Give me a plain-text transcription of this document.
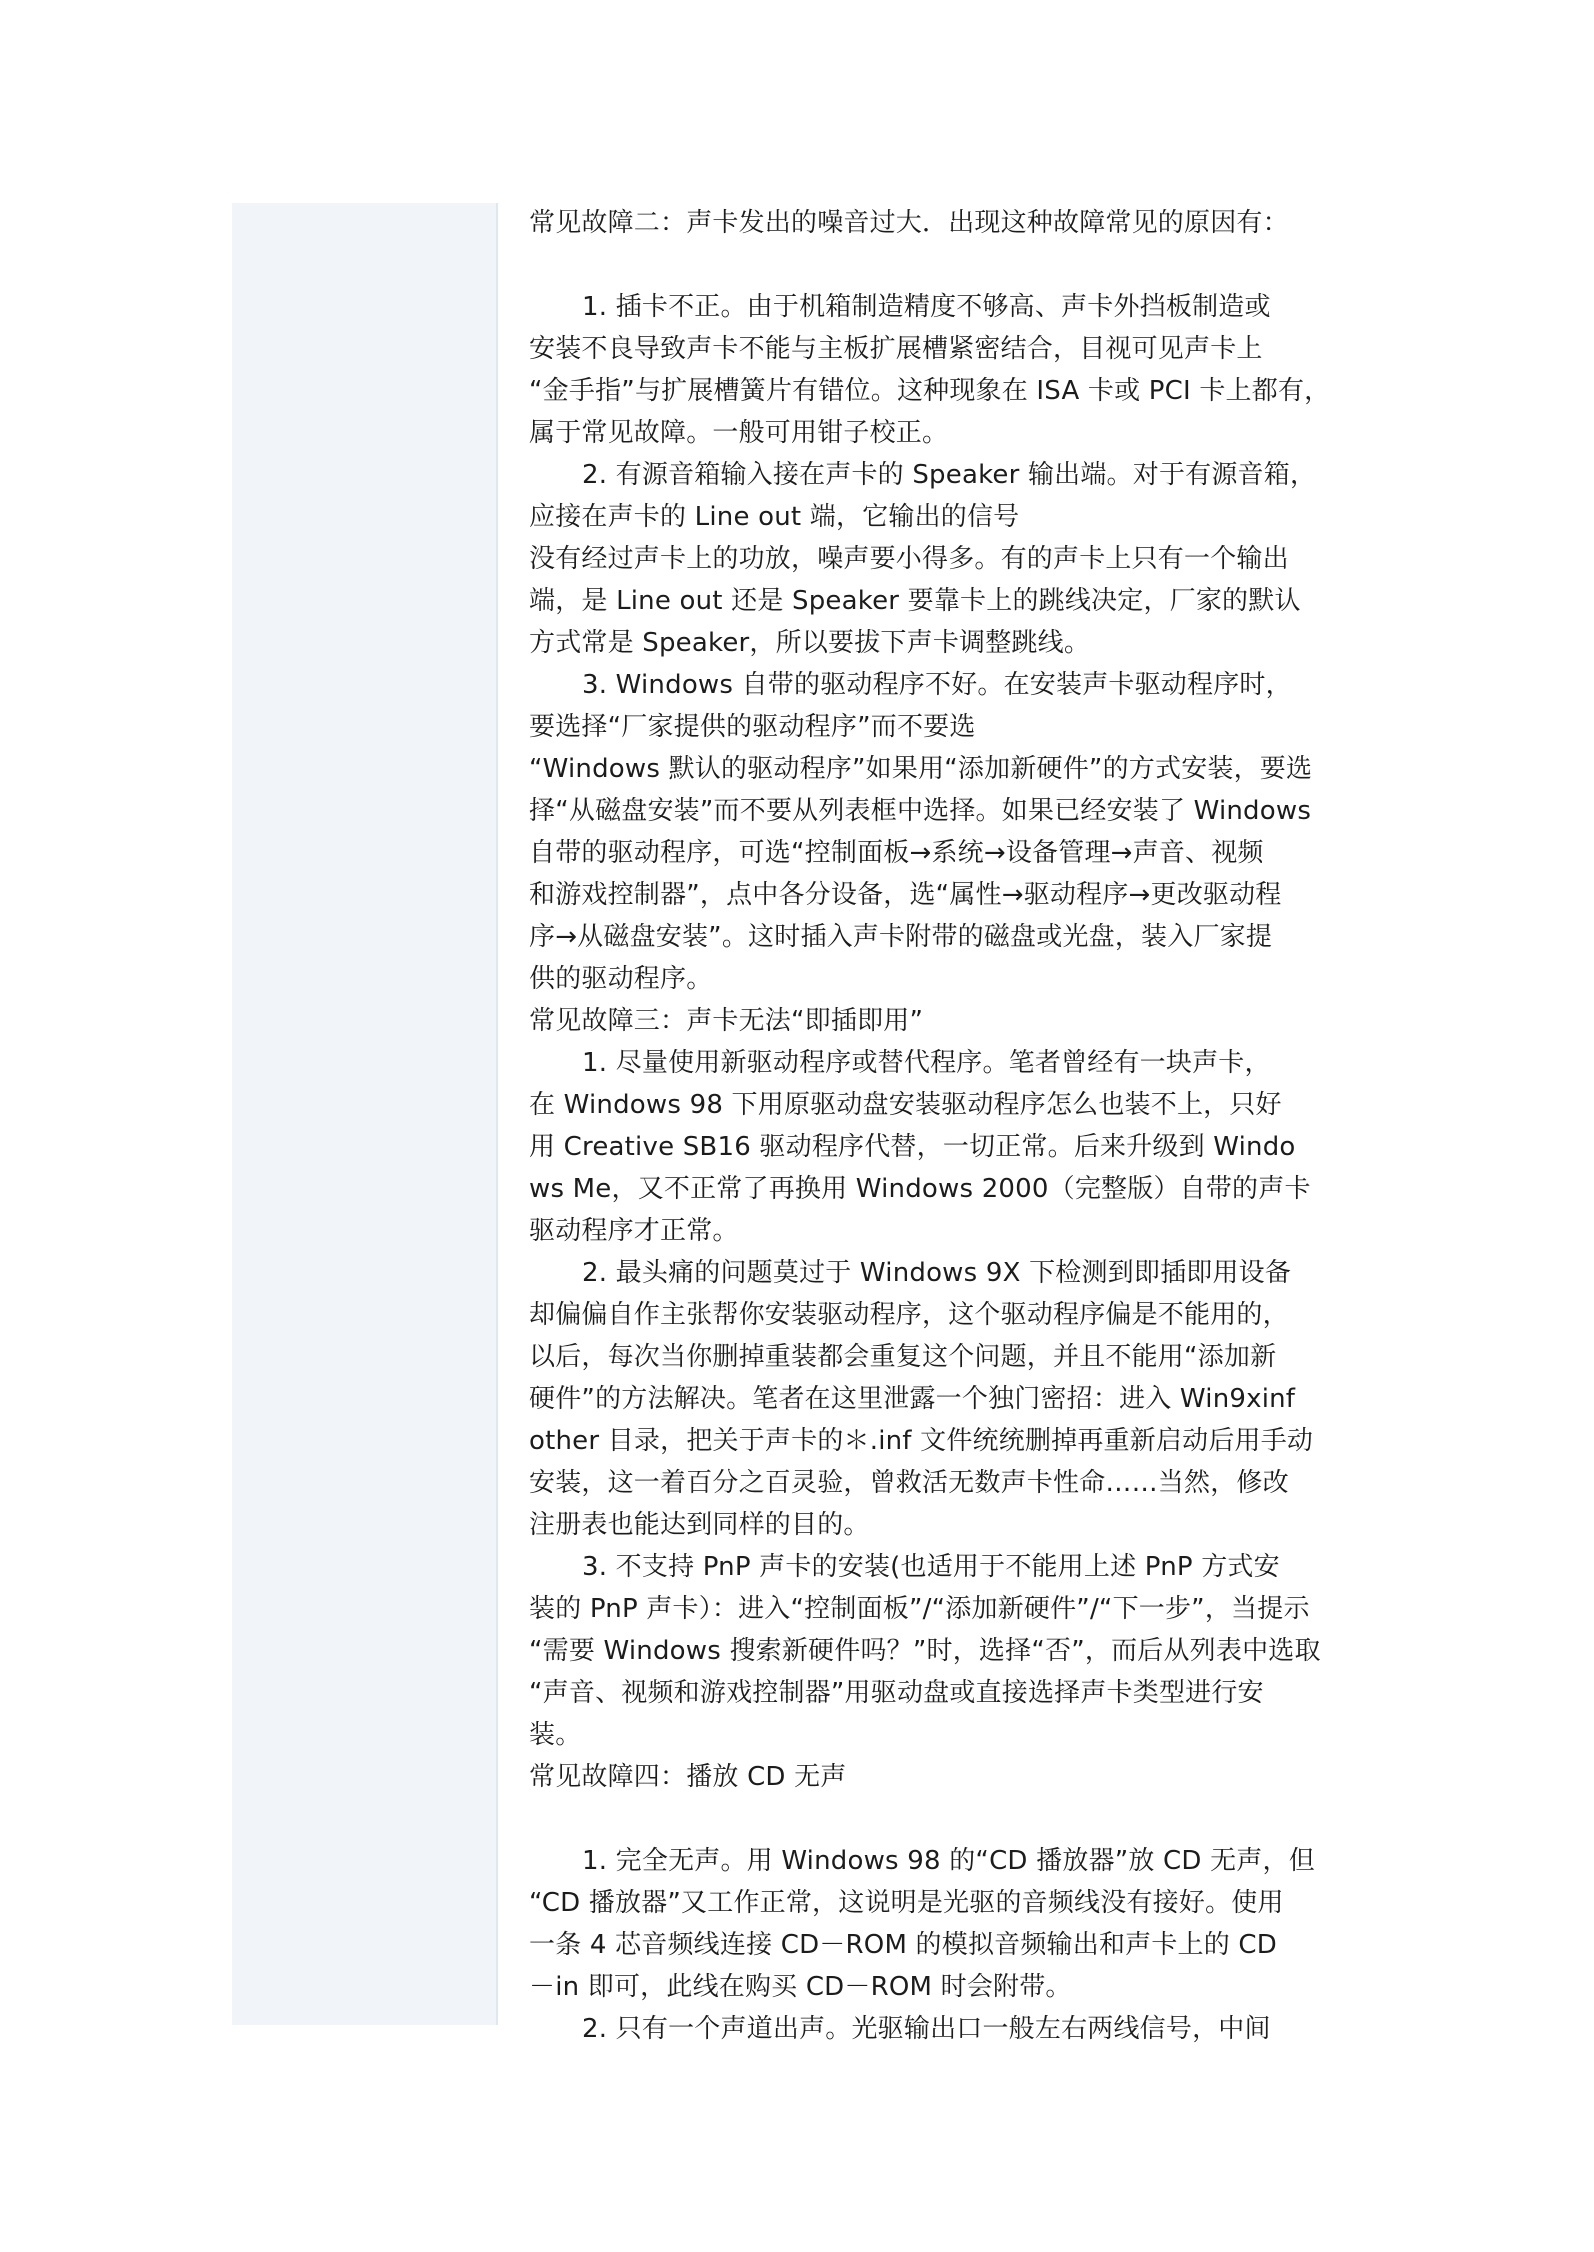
常见故障二：声卡发出的噪音过大．出现这种故障常见的原因有：
1. 插卡不正。由于机箱制造精度不够高、声卡外挡板制造或
安装不良导致声卡不能与主板扩展槽紧密结合，目视可见声卡上
“金手指”与扩展槽簧片有错位。这种现象在 ISA 卡或 PCI 卡上都有，
属于常见故障。一般可用钳子校正。
2. 有源音箱输入接在声卡的 Speaker 输出端。对于有源音箱，
应接在声卡的 Line out 端，它输出的信号
没有经过声卡上的功放，噪声要小得多。有的声卡上只有一个输出
端，是 Line out 还是 Speaker 要靠卡上的跳线决定，厂家的默认
方式常是 Speaker，所以要拔下声卡调整跳线。
3. Windows 自带的驱动程序不好。在安装声卡驱动程序时，
要选择“厂家提供的驱动程序”而不要选
“Windows 默认的驱动程序”如果用“添加新硬件”的方式安装，要选
择“从磁盘安装”而不要从列表框中选择。如果已经安装了 Windows
自带的驱动程序，可选“控制面板→系统→设备管理→声音、视频
和游戏控制器”，点中各分设备，选“属性→驱动程序→更改驱动程
序→从磁盘安装”。这时插入声卡附带的磁盘或光盘，装入厂家提
供的驱动程序。
常见故障三：声卡无法“即插即用”
1. 尽量使用新驱动程序或替代程序。笔者曾经有一块声卡，
在 Windows 98 下用原驱动盘安装驱动程序怎么也装不上，只好
用 Creative SB16 驱动程序代替，一切正常。后来升级到 Windo
ws Me，又不正常了再换用 Windows 2000（完整版）自带的声卡
驱动程序才正常。
2. 最头痛的问题莫过于 Windows 9X 下检测到即插即用设备
却偏偏自作主张帮你安装驱动程序，这个驱动程序偏是不能用的，
以后，每次当你删掉重装都会重复这个问题，并且不能用“添加新
硬件”的方法解决。笔者在这里泄露一个独门密招：进入 Win9xinf
other 目录，把关于声卡的＊.inf 文件统统删掉再重新启动后用手动
安装，这一着百分之百灵验，曾救活无数声卡性命……当然，修改
注册表也能达到同样的目的。
3. 不支持 PnP 声卡的安装(也适用于不能用上述 PnP 方式安
装的 PnP 声卡）：进入“控制面板”/“添加新硬件”/“下一步”，当提示
“需要 Windows 搜索新硬件吗？”时，选择“否”，而后从列表中选取
“声音、视频和游戏控制器”用驱动盘或直接选择声卡类型进行安
装。
常见故障四：播放 CD 无声
1. 完全无声。用 Windows 98 的“CD 播放器”放 CD 无声，但
“CD 播放器”又工作正常，这说明是光驱的音频线没有接好。使用
一条 4 芯音频线连接 CD－ROM 的模拟音频输出和声卡上的 CD
－in 即可，此线在购买 CD－ROM 时会附带。
2. 只有一个声道出声。光驱输出口一般左右两线信号，中间
